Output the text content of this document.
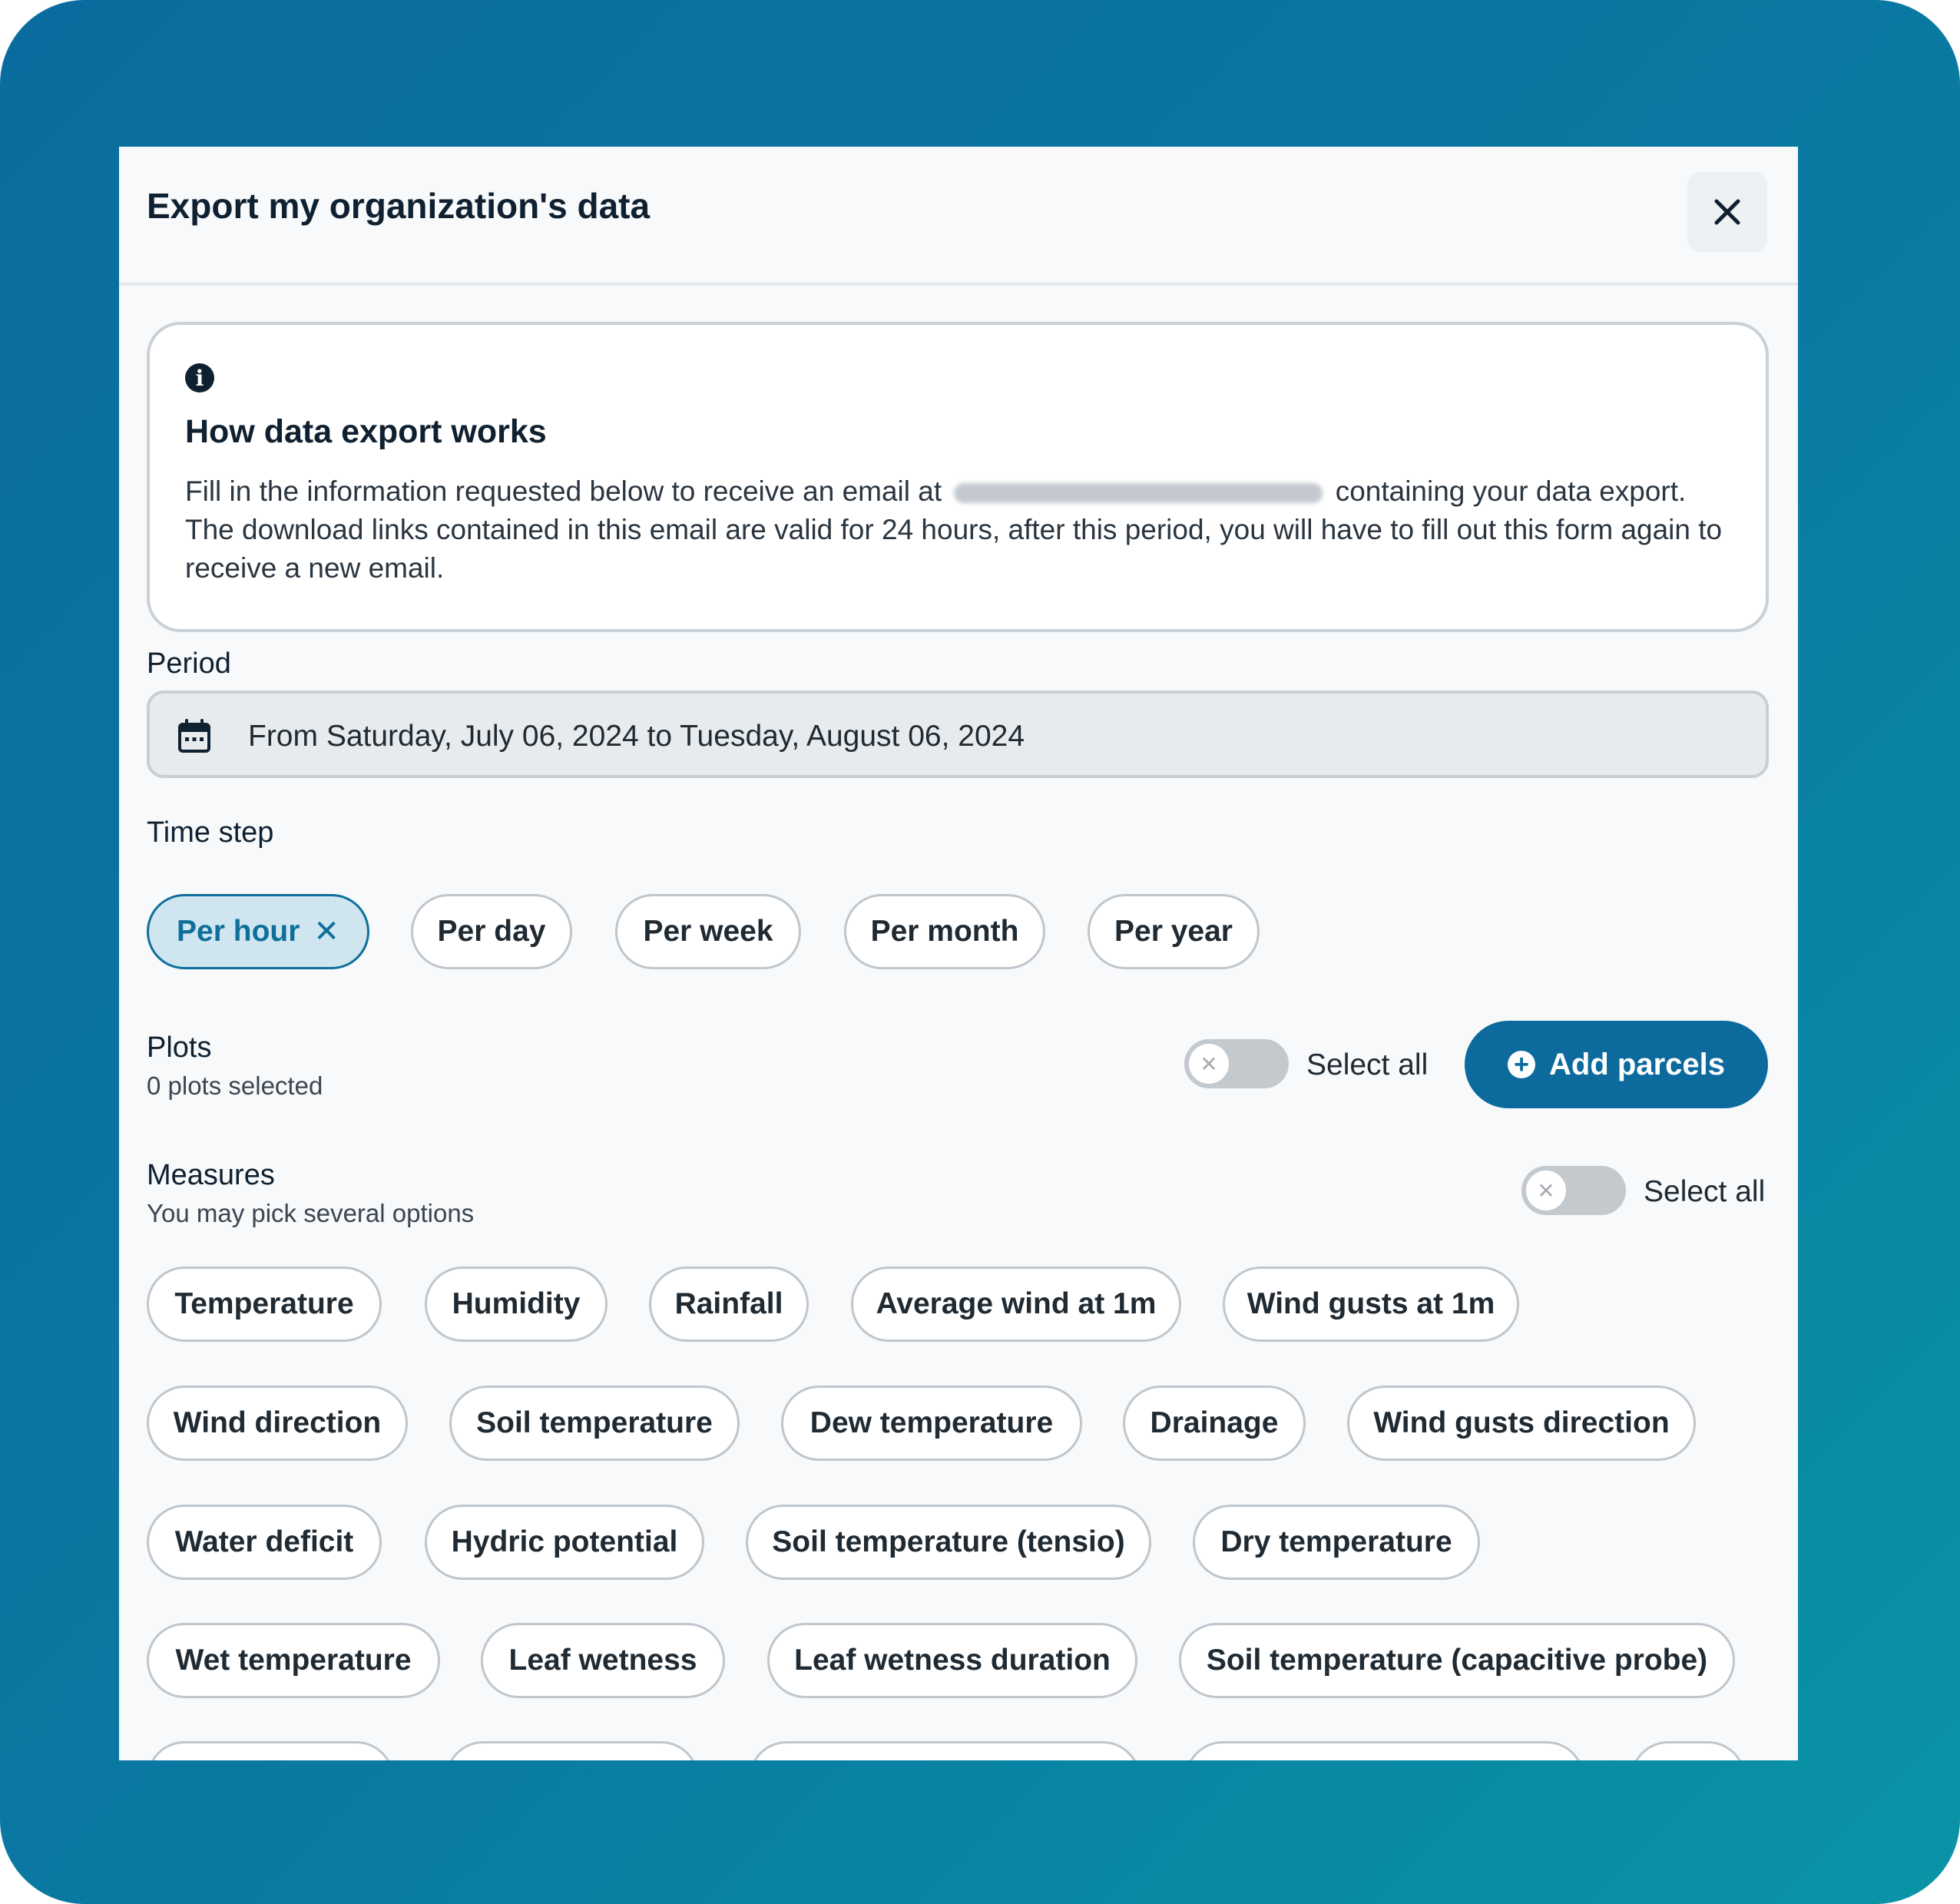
Export my organization's data
i
How data export works
Fill in the information requested below to receive an email at	containing your data export. The download links contained in this email are valid for 24 hours, after this period, you will have to fill out this form again to receive a new email.
Period
From Saturday, July 06, 2024 to Tuesday, August 06, 2024
Time step
Per hour ✕	Per day	Per week	Per month	Per year
Plots
0 plots selected
✕	Select all	+ Add parcels
Measures
You may pick several options
✕	Select all
Temperature	Humidity	Rainfall	Average wind at 1m	Wind gusts at 1m
Wind direction	Soil temperature	Dew temperature	Drainage	Wind gusts direction
Water deficit	Hydric potential	Soil temperature (tensio)	Dry temperature
Wet temperature	Leaf wetness	Leaf wetness duration	Soil temperature (capacitive probe)
